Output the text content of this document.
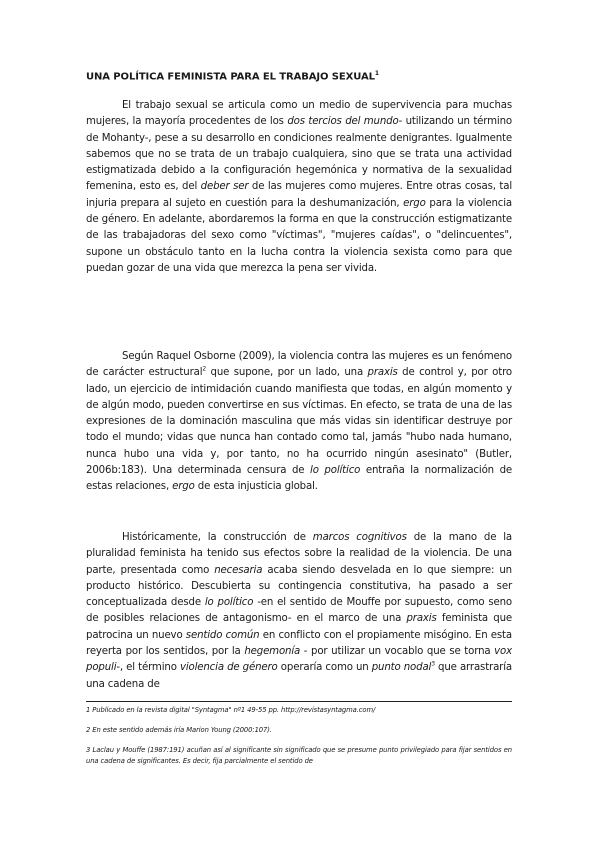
UNA POLÍTICA FEMINISTA PARA EL TRABAJO SEXUAL$^1$

El trabajo sexual se articula como un medio de supervivencia para muchas mujeres, la mayoría procedentes de los dos tercios del mundo- utilizando un término de Mohanty-, pese a su desarrollo en condiciones realmente denigrantes. Igualmente sabemos que no se trata de un trabajo cualquiera, sino que se trata una actividad estigmatizada debido a la configuración hegemónica y normativa de la sexualidad femenina, esto es, del deber ser de las mujeres como mujeres. Entre otras cosas, tal injuria prepara al sujeto en cuestión para la deshumanización, ergo para la violencia de género. En adelante, abordaremos la forma en que la construcción estigmatizante de las trabajadoras del sexo como "víctimas", "mujeres caídas", o "delincuentes", supone un obstáculo tanto en la lucha contra la violencia sexista como para que puedan gozar de una vida que merezca la pena ser vivida.

Según Raquel Osborne (2009), la violencia contra las mujeres es un fenómeno de carácter estructural$^2$ que supone, por un lado, una praxis de control y, por otro lado, un ejercicio de intimidación cuando manifiesta que todas, en algún momento y de algún modo, pueden convertirse en sus víctimas. En efecto, se trata de una de las expresiones de la dominación masculina que más vidas sin identificar destruye por todo el mundo; vidas que nunca han contado como tal, jamás "hubo nada humano, nunca hubo una vida y, por tanto, no ha ocurrido ningún asesinato" (Butler, 2006b:183). Una determinada censura de lo político entraña la normalización de estas relaciones, ergo de esta injusticia global.

Históricamente, la construcción de marcos cognitivos de la mano de la pluralidad feminista ha tenido sus efectos sobre la realidad de la violencia. De una parte, presentada como necesaria acaba siendo desvelada en lo que siempre: un producto histórico. Descubierta su contingencia constitutiva, ha pasado a ser conceptualizada desde lo político -en el sentido de Mouffe por supuesto, como seno de posibles relaciones de antagonismo- en el marco de una praxis feminista que patrocina un nuevo sentido común en conflicto con el propiamente misógino. En esta reyerta por los sentidos, por la hegemonía - por utilizar un vocablo que se torna vox populi-, el término violencia de género operaría como un punto nodal$^3$ que arrastraría una cadena de

1 Publicado en la revista digital "Syntagma" nº1 49-55 pp. http://revistasyntagma.com/

2 En este sentido además iría Marion Young (2000:107).

3 Laclau y Mouffe (1987:191) acuñan así al significante sin significado que se presume punto privilegiado para fijar sentidos en una cadena de significantes. Es decir, fija parcialmente el sentido de
